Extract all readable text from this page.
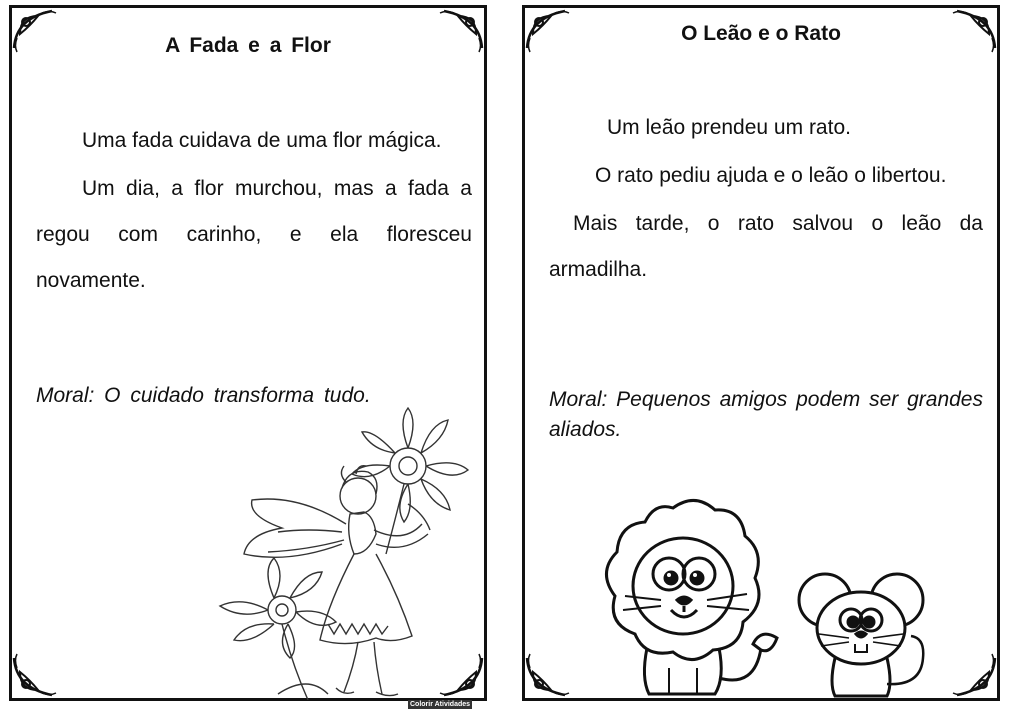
A Fada e a Flor

Uma fada cuidava de uma flor mágica.

Um dia, a flor murchou, mas a fada a regou com carinho, e ela floresceu novamente.

Moral: O cuidado transforma tudo.
O Leão e o Rato

Um leão prendeu um rato.

O rato pediu ajuda e o leão o libertou.

Mais tarde, o rato salvou o leão da armadilha.

Moral: Pequenos amigos podem ser grandes aliados.
Colorir Atividades
